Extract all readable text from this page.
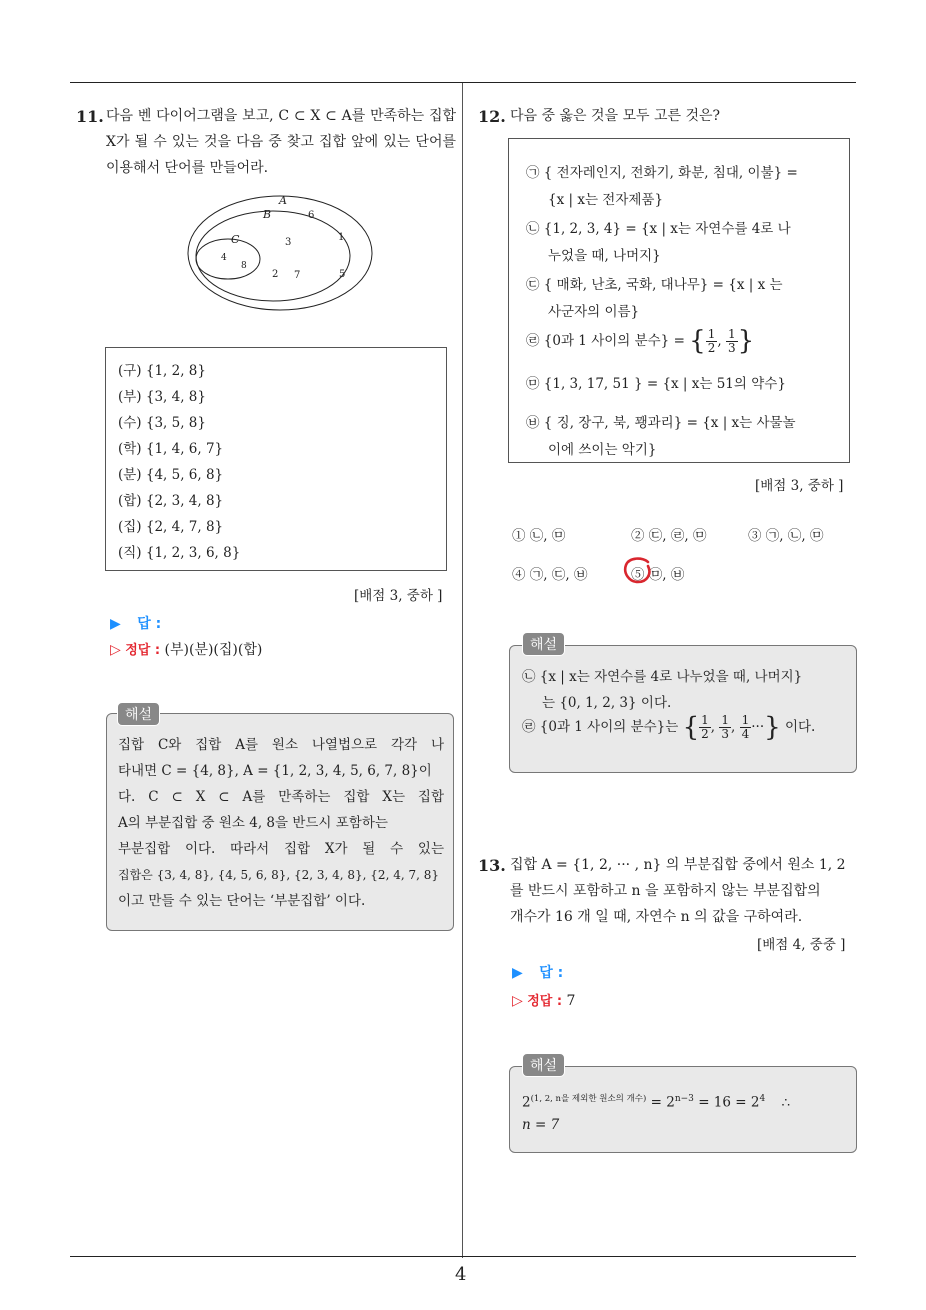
4
11. 다음 벤 다이어그램을 보고, C ⊂ X ⊂ A를 만족하는 집합 X가 될 수 있는 것을 다음 중 찾고 집합 앞에 있는 단어를 이용해서 단어를 만들어라.
A
B
C
6
3	1
4
8
2 7	5
(구) {1, 2, 8}
(부) {3, 4, 8}
(수) {3, 5, 8}
(학) {1, 4, 6, 7}
(분) {4, 5, 6, 8}
(합) {2, 3, 4, 8}
(집) {2, 4, 7, 8}
(직) {1, 2, 3, 6, 8}
[배점 3, 중하 ]
▶ 답 :
▷ 정답 : (부)(분)(집)(합)
해설
집합 C와 집합 A를 원소 나열법으로 각각 나
타내면 C = {4, 8}, A = {1, 2, 3, 4, 5, 6, 7, 8}이
다. C ⊂ X ⊂ A를 만족하는 집합 X는 집합
A의 부분집합 중 원소 4, 8을 반드시 포함하는
부분집합 이다. 따라서 집합 X가 될 수 있는
집합은 {3, 4, 8}, {4, 5, 6, 8}, {2, 3, 4, 8}, {2, 4, 7, 8}
이고 만들 수 있는 단어는 ‘부분집합’ 이다.
12. 다음 중 옳은 것을 모두 고른 것은?
㉠ { 전자레인지, 전화기, 화분, 침대, 이불} =
{x | x는 전자제품}
㉡ {1, 2, 3, 4} = {x | x는 자연수를 4로 나
누었을 때, 나머지}
㉢ { 매화, 난초, 국화, 대나무} = {x | x 는
사군자의 이름}
㉣ {0과 1 사이의 분수} = { $\frac{1}{2}$ , $\frac{1}{3}$ }
㉤ {1, 3, 17, 51 } = {x | x는 51의 약수}
㉥ { 징, 장구, 북, 꽹과리} = {x | x는 사물놀
이에 쓰이는 악기}
[배점 3, 중하 ]
① ㉡, ㉤	② ㉢, ㉣, ㉤	③ ㉠, ㉡, ㉤
④ ㉠, ㉢, ㉥	⑤ ㉤, ㉥
해설
㉡ {x | x는 자연수를 4로 나누었을 때, 나머지}
는 {0, 1, 2, 3} 이다.
㉣ {0과 1 사이의 분수}는 { $\frac{1}{2}$ , $\frac{1}{3}$ , $\frac{1}{4}$ ···} 이다.
13. 집합 A = {1, 2, ··· , n} 의 부분집합 중에서 원소 1, 2
를 반드시 포함하고 n 을 포함하지 않는 부분집합의
개수가 16 개 일 때, 자연수 n 의 값을 구하여라.
[배점 4, 중중 ]
▶ 답 :
▷ 정답 : 7
해설
$2^{(1, 2, n을 제외한 원소의 개수)} = 2^{n-3} = 16 = 2^4$ ∴
n = 7
